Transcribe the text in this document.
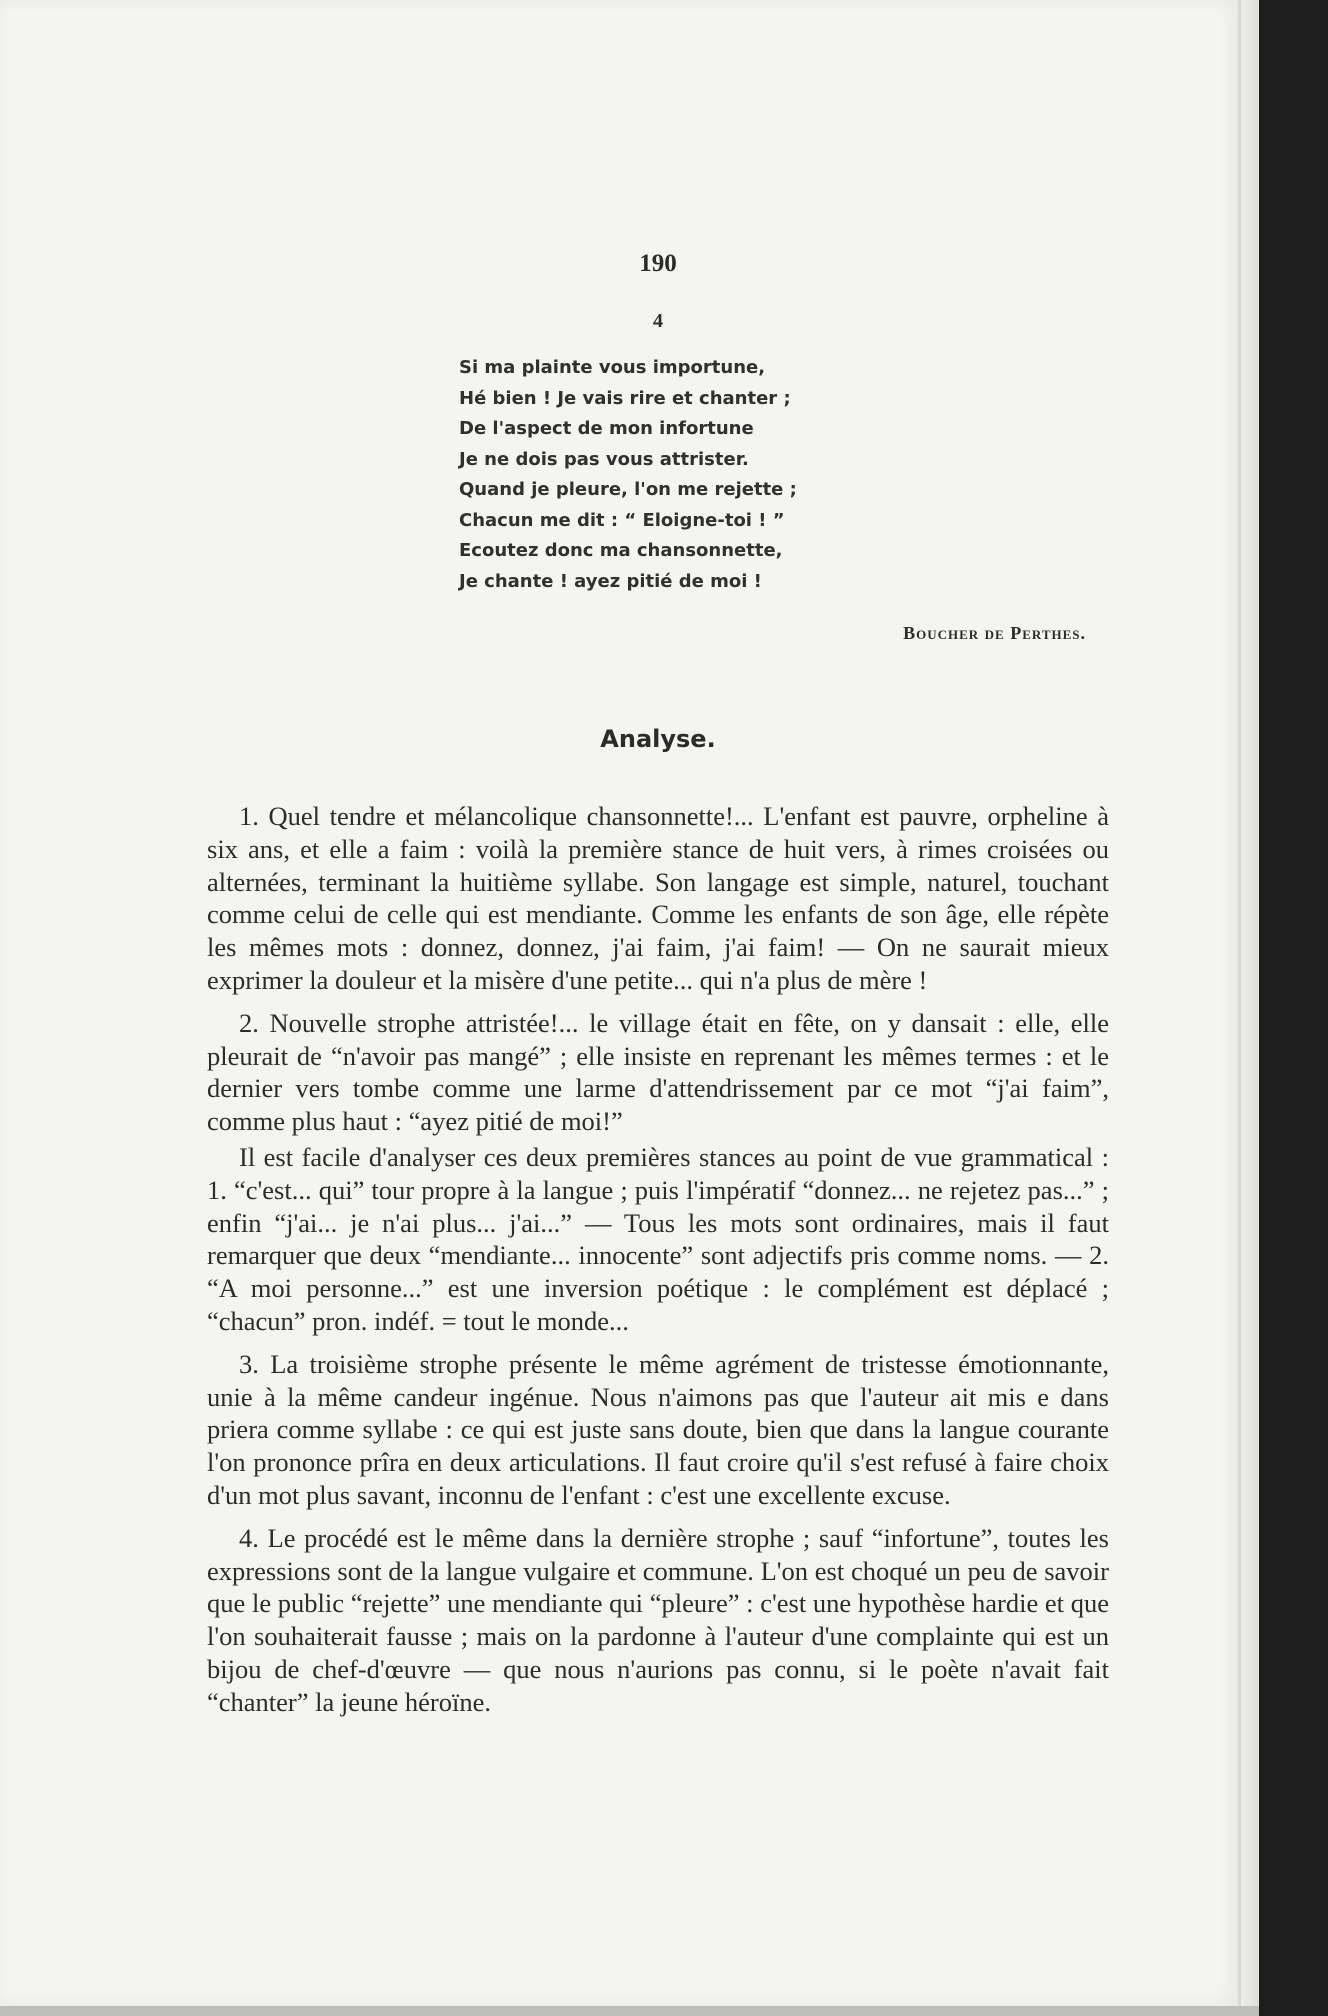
190
4
Si ma plainte vous importune,
Hé bien ! Je vais rire et chanter ;
De l'aspect de mon infortune
Je ne dois pas vous attrister.
Quand je pleure, l'on me rejette ;
Chacun me dit : “ Eloigne-toi ! ”
Ecoutez donc ma chansonnette,
Je chante ! ayez pitié de moi !
Boucher de Perthes.
Analyse.

1. Quel tendre et mélancolique chansonnette!... L'enfant est pauvre, orpheline à six ans, et elle a faim : voilà la première stance de huit vers, à rimes croisées ou alternées, terminant la huitième syllabe. Son langage est simple, naturel, touchant comme celui de celle qui est mendiante. Comme les enfants de son âge, elle répète les mêmes mots : donnez, donnez, j'ai faim, j'ai faim! — On ne saurait mieux exprimer la douleur et la misère d'une petite... qui n'a plus de mère !

2. Nouvelle strophe attristée!... le village était en fête, on y dansait : elle, elle pleurait de “n'avoir pas mangé” ; elle insiste en reprenant les mêmes termes : et le dernier vers tombe comme une larme d'attendrissement par ce mot “j'ai faim”, comme plus haut : “ayez pitié de moi!”

Il est facile d'analyser ces deux premières stances au point de vue grammatical : 1. “c'est... qui” tour propre à la langue ; puis l'impératif “donnez... ne rejetez pas...” ; enfin “j'ai... je n'ai plus... j'ai...” — Tous les mots sont ordinaires, mais il faut remarquer que deux “mendiante... innocente” sont adjectifs pris comme noms. — 2. “A moi personne...” est une inversion poétique : le complément est déplacé ; “chacun” pron. indéf. = tout le monde...

3. La troisième strophe présente le même agrément de tristesse émotionnante, unie à la même candeur ingénue. Nous n'aimons pas que l'auteur ait mis e dans priera comme syllabe : ce qui est juste sans doute, bien que dans la langue courante l'on prononce prîra en deux articulations. Il faut croire qu'il s'est refusé à faire choix d'un mot plus savant, inconnu de l'enfant : c'est une excellente excuse.

4. Le procédé est le même dans la dernière strophe ; sauf “infortune”, toutes les expressions sont de la langue vulgaire et commune. L'on est choqué un peu de savoir que le public “rejette” une mendiante qui “pleure” : c'est une hypothèse hardie et que l'on souhaiterait fausse ; mais on la pardonne à l'auteur d'une complainte qui est un bijou de chef-d'œuvre — que nous n'aurions pas connu, si le poète n'avait fait “chanter” la jeune héroïne.
